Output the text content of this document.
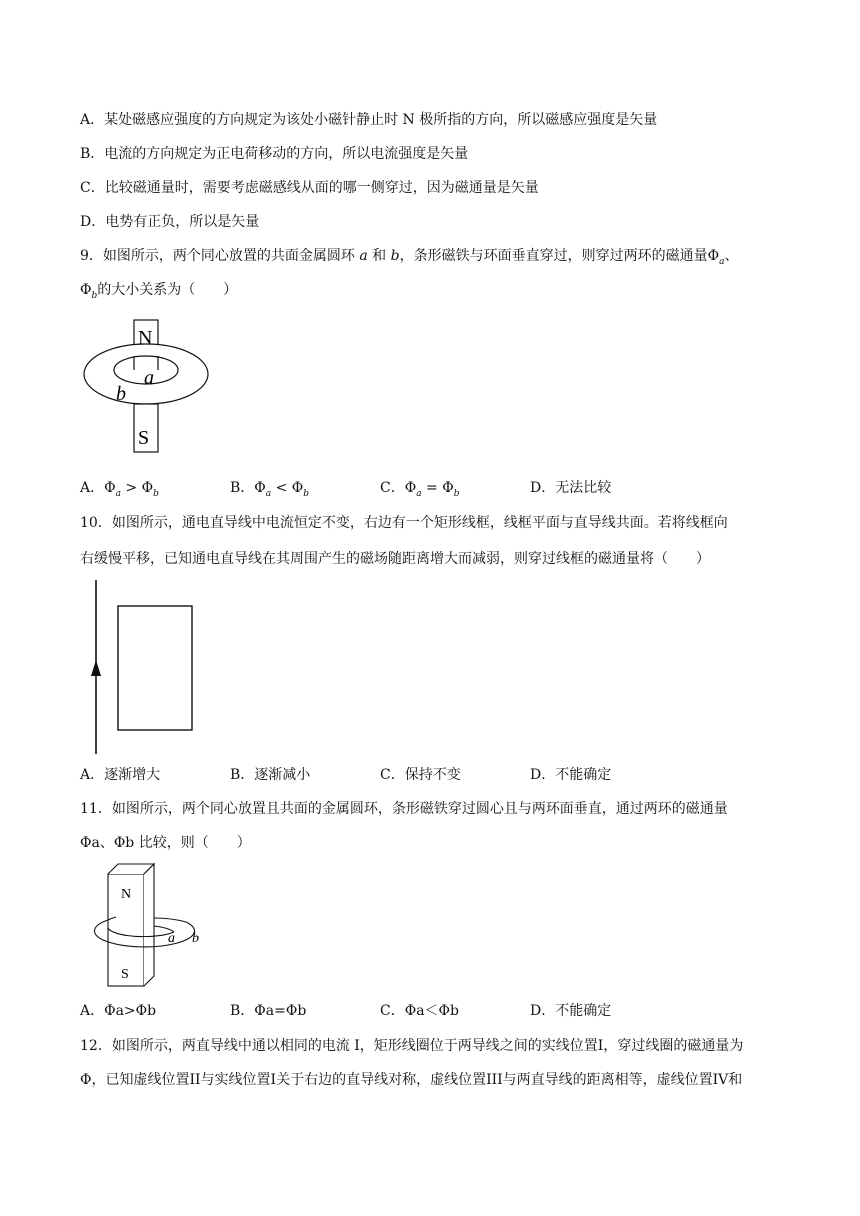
A．某处磁感应强度的方向规定为该处小磁针静止时 N 极所指的方向，所以磁感应强度是矢量
B．电流的方向规定为正电荷移动的方向，所以电流强度是矢量
C．比较磁通量时，需要考虑磁感线从面的哪一侧穿过，因为磁通量是矢量
D．电势有正负，所以是矢量
9．如图所示，两个同心放置的共面金属圆环 a 和 b，条形磁铁与环面垂直穿过，则穿过两环的磁通量$\Phi_a$、
$\Phi_b$的大小关系为（　　）
N
S
a
b
A．$\Phi_a > \Phi_b$	B．$\Phi_a < \Phi_b$	C．$\Phi_a = \Phi_b$	D．无法比较
10．如图所示，通电直导线中电流恒定不变，右边有一个矩形线框，线框平面与直导线共面。若将线框向
右缓慢平移，已知通电直导线在其周围产生的磁场随距离增大而减弱，则穿过线框的磁通量将（　　）
A．逐渐增大	B．逐渐减小	C．保持不变	D．不能确定
11．如图所示，两个同心放置且共面的金属圆环，条形磁铁穿过圆心且与两环面垂直，通过两环的磁通量
Φa、Φb 比较，则（　　）
N
S
a b
A．Φa>Φb	B．Φa=Φb	C．Φa＜Φb	D．不能确定
12．如图所示，两直导线中通以相同的电流 I，矩形线圈位于两导线之间的实线位置I，穿过线圈的磁通量为
Φ，已知虚线位置II与实线位置I关于右边的直导线对称，虚线位置III与两直导线的距离相等，虚线位置IV和
